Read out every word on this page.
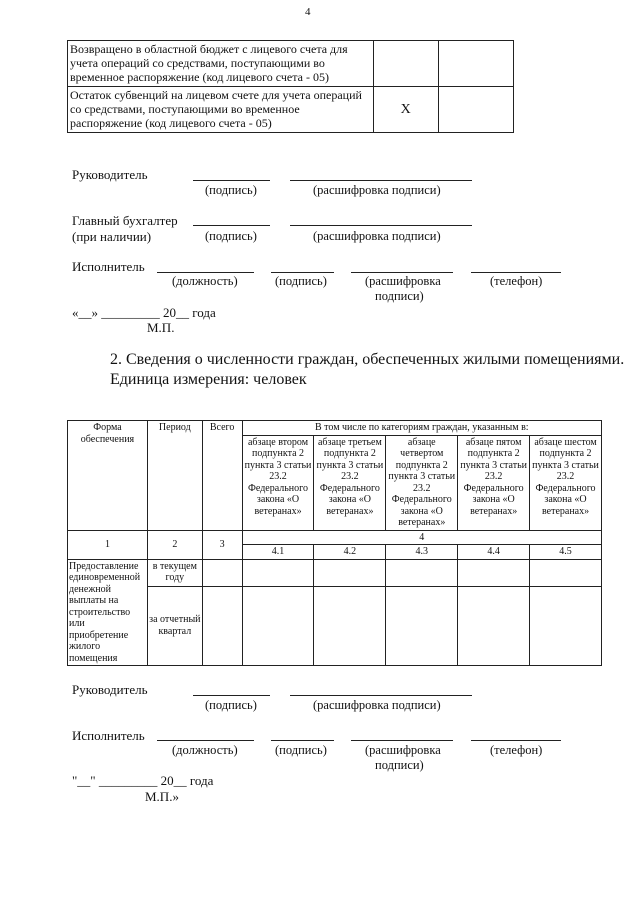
4
Возвращено в областной бюджет с лицевого счета для учета операций со средствами, поступающими во временное распоряжение (код лицевого счета - 05)		
Остаток субвенций на лицевом счете для учета операций со средствами, поступающими во временное распоряжение (код лицевого счета - 05)	X	
Руководитель
(подпись)	(расшифровка подписи)
Главный бухгалтер
(при наличии)	(подпись)	(расшифровка подписи)
Исполнитель
(должность)	(подпись)	(расшифровка
подписи)
(телефон)
«__» _________ 20__ года
М.П.
2. Сведения о численности граждан, обеспеченных жилыми помещениями.
Единица измерения: человек
Форма обеспечения	Период	Всего	В том числе по категориям граждан, указанным в:				
			абзаце втором подпункта 2 пункта 3 статьи 23.2 Федерального закона «О ветеранах»	абзаце третьем подпункта 2 пункта 3 статьи 23.2 Федерального закона «О ветеранах»	абзаце четвертом подпункта 2 пункта 3 статьи 23.2 Федерального закона «О ветеранах»	абзаце пятом подпункта 2 пункта 3 статьи 23.2 Федерального закона «О ветеранах»	абзаце шестом подпункта 2 пункта 3 статьи 23.2 Федерального закона «О ветеранах»
1	2	3	4				
			4.1	4.2	4.3	4.4	4.5
Предоставление единовременной денежной выплаты на строительство или приобретение жилого помещения	в текущем году						
	за отчетный квартал						
Руководитель
(подпись)	(расшифровка подписи)
Исполнитель
(должность)	(подпись)	(расшифровка
подписи)
(телефон)
"__" _________ 20__ года
М.П.»
